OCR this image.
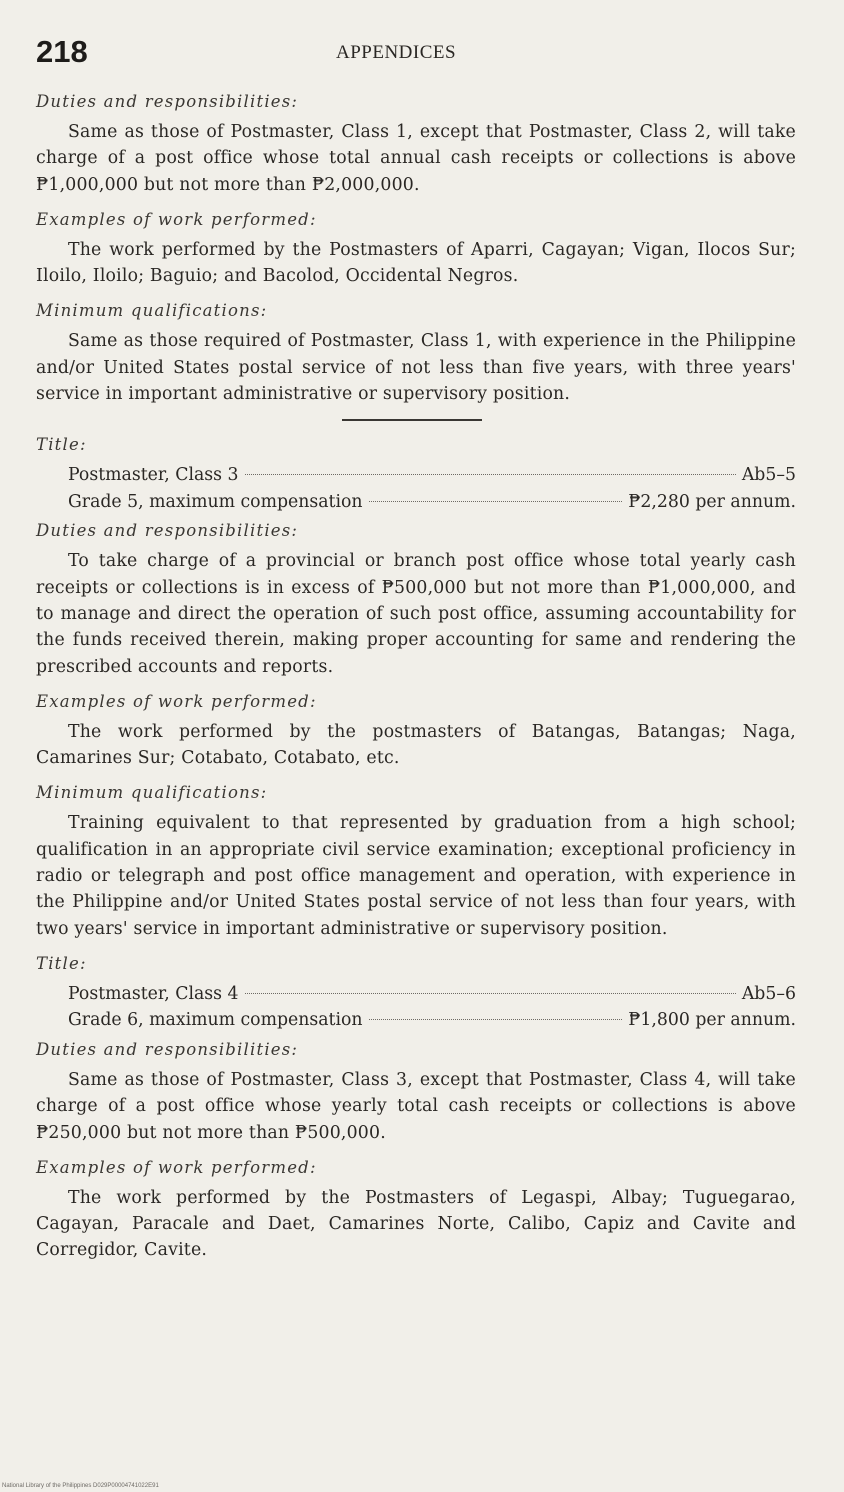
218	APPENDICES
Duties and responsibilities:

Same as those of Postmaster, Class 1, except that Postmaster, Class 2, will take charge of a post office whose total annual cash receipts or collections is above ₱1,000,000 but not more than ₱2,000,000.

Examples of work performed:

The work performed by the Postmasters of Aparri, Cagayan; Vigan, Ilocos Sur; Iloilo, Iloilo; Baguio; and Bacolod, Occidental Negros.

Minimum qualifications:

Same as those required of Postmaster, Class 1, with experience in the Philippine and/or United States postal service of not less than five years, with three years' service in important administrative or supervisory position.

Title:
Postmaster, Class 3	Ab5–5
Grade 5, maximum compensation	₱2,280 per annum.
Duties and responsibilities:

To take charge of a provincial or branch post office whose total yearly cash receipts or collections is in excess of ₱500,000 but not more than ₱1,000,000, and to manage and direct the operation of such post office, assuming accountability for the funds received therein, making proper accounting for same and rendering the prescribed accounts and reports.

Examples of work performed:

The work performed by the postmasters of Batangas, Batangas; Naga, Camarines Sur; Cotabato, Cotabato, etc.

Minimum qualifications:

Training equivalent to that represented by graduation from a high school; qualification in an appropriate civil service examination; exceptional proficiency in radio or telegraph and post office management and operation, with experience in the Philippine and/or United States postal service of not less than four years, with two years' service in important administrative or supervisory position.

Title:
Postmaster, Class 4	Ab5–6
Grade 6, maximum compensation	₱1,800 per annum.
Duties and responsibilities:

Same as those of Postmaster, Class 3, except that Postmaster, Class 4, will take charge of a post office whose yearly total cash receipts or collections is above ₱250,000 but not more than ₱500,000.

Examples of work performed:

The work performed by the Postmasters of Legaspi, Albay; Tuguegarao, Cagayan, Paracale and Daet, Camarines Norte, Calibo, Capiz and Cavite and Corregidor, Cavite.

National Library of the Philippines D029P00004741022E91
